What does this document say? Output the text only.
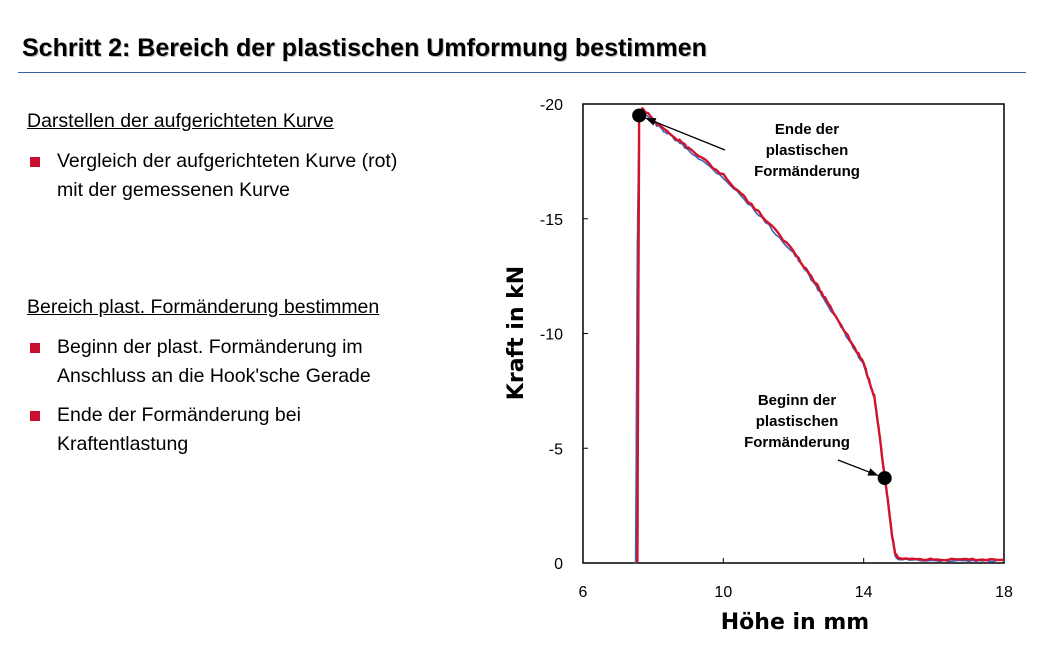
Schritt 2: Bereich der plastischen Umformung bestimmen
Darstellen der aufgerichteten Kurve
Vergleich der aufgerichteten Kurve (rot)
mit der gemessenen Kurve
Bereich plast. Formänderung bestimmen
Beginn der plast. Formänderung im
Anschluss an die Hook'sche Gerade
Ende der Formänderung bei
Kraftentlastung
6	10	14	18
-20
-15
-10
-5
0
Ende der plastischen Formänderung
Beginn der plastischen Formänderung
Höhe in mm
Kraft in kN
